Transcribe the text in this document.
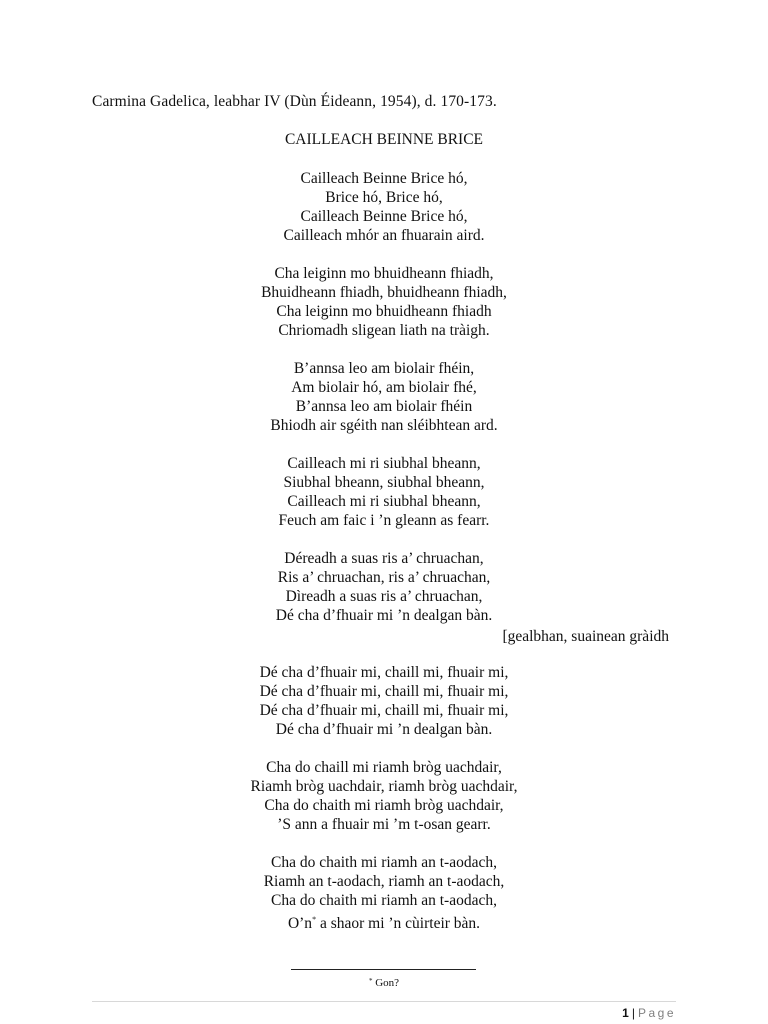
Carmina Gadelica, leabhar IV (Dùn Éideann, 1954), d. 170-173.
CAILLEACH BEINNE BRICE
Cailleach Beinne Brice hó,
Brice hó, Brice hó,
Cailleach Beinne Brice hó,
Cailleach mhór an fhuarain aird.
Cha leiginn mo bhuidheann fhiadh,
Bhuidheann fhiadh, bhuidheann fhiadh,
Cha leiginn mo bhuidheann fhiadh
Chriomadh sligean liath na tràigh.
B’annsa leo am biolair fhéin,
Am biolair hó, am biolair fhé,
B’annsa leo am biolair fhéin
Bhiodh air sgéith nan sléibhtean ard.
Cailleach mi ri siubhal bheann,
Siubhal bheann, siubhal bheann,
Cailleach mi ri siubhal bheann,
Feuch am faic i ’n gleann as fearr.
Déreadh a suas ris a’ chruachan,
Ris a’ chruachan, ris a’ chruachan,
Dìreadh a suas ris a’ chruachan,
Dé cha d’fhuair mi ’n dealgan bàn.
Dé cha d’fhuair mi, chaill mi, fhuair mi,
Dé cha d’fhuair mi, chaill mi, fhuair mi,
Dé cha d’fhuair mi, chaill mi, fhuair mi,
Dé cha d’fhuair mi ’n dealgan bàn.
Cha do chaill mi riamh bròg uachdair,
Riamh bròg uachdair, riamh bròg uachdair,
Cha do chaith mi riamh bròg uachdair,
’S ann a fhuair mi ’m t-osan gearr.
Cha do chaith mi riamh an t-aodach,
Riamh an t-aodach, riamh an t-aodach,
Cha do chaith mi riamh an t-aodach,
O’n* a shaor mi ’n cùirteir bàn.
[gealbhan, suainean gràidh
* Gon?
1 | Page
